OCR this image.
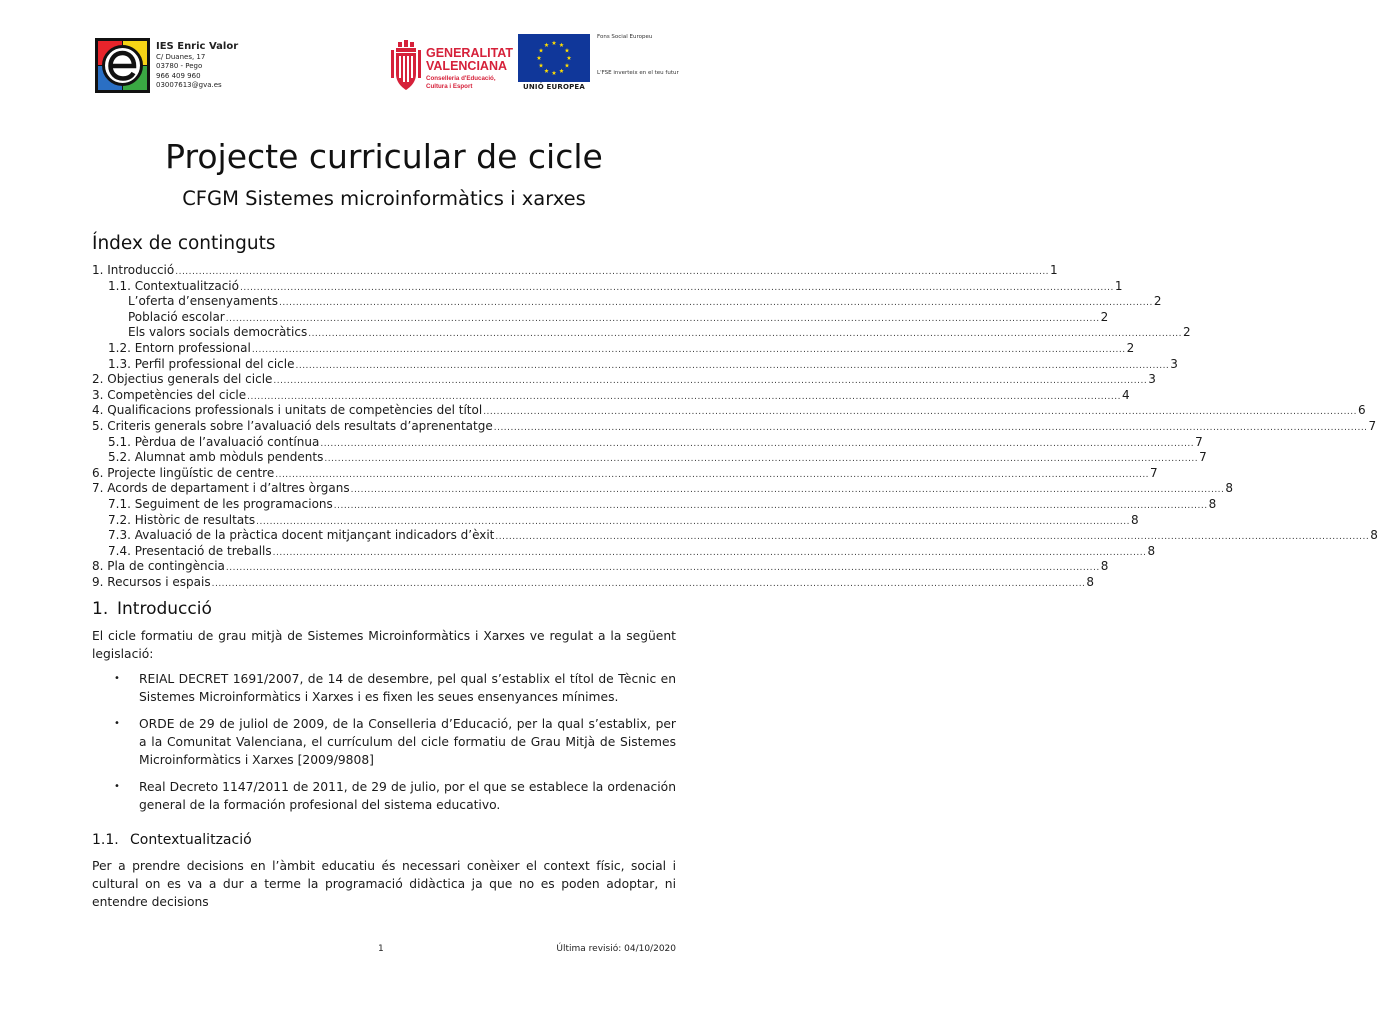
IES Enric Valor
C/ Duanes, 17
03780 - Pego
966 409 960
03007613@gva.es
GENERALITAT
VALENCIANA
Conselleria d'Educació,
Cultura i Esport	UNIÓ EUROPEA
Fons Social Europeu
L'FSE inverteix en el teu futur
Projecte curricular de cicle
CFGM Sistemes microinformàtics i xarxes
Índex de continguts
1. Introducció .................................................................................................................................................................................................................................................................... 1
1.1. Contextualització .................................................................................................................................................................................................................................................................... 1
L’oferta d’ensenyaments .................................................................................................................................................................................................................................................................... 2
Població escolar .................................................................................................................................................................................................................................................................... 2
Els valors socials democràtics .................................................................................................................................................................................................................................................................... 2
1.2. Entorn professional .................................................................................................................................................................................................................................................................... 2
1.3. Perfil professional del cicle .................................................................................................................................................................................................................................................................... 3
2. Objectius generals del cicle .................................................................................................................................................................................................................................................................... 3
3. Competències del cicle .................................................................................................................................................................................................................................................................... 4
4. Qualificacions professionals i unitats de competències del títol .................................................................................................................................................................................................................................................................... 6
5. Criteris generals sobre l’avaluació dels resultats d’aprenentatge .................................................................................................................................................................................................................................................................... 7
5.1. Pèrdua de l’avaluació contínua .................................................................................................................................................................................................................................................................... 7
5.2. Alumnat amb mòduls pendents .................................................................................................................................................................................................................................................................... 7
6. Projecte lingüístic de centre .................................................................................................................................................................................................................................................................... 7
7. Acords de departament i d’altres òrgans .................................................................................................................................................................................................................................................................... 8
7.1. Seguiment de les programacions .................................................................................................................................................................................................................................................................... 8
7.2. Històric de resultats .................................................................................................................................................................................................................................................................... 8
7.3. Avaluació de la pràctica docent mitjançant indicadors d’èxit .................................................................................................................................................................................................................................................................... 8
7.4. Presentació de treballs .................................................................................................................................................................................................................................................................... 8
8. Pla de contingència .................................................................................................................................................................................................................................................................... 8
9. Recursos i espais .................................................................................................................................................................................................................................................................... 8
1. Introducció
El cicle formatiu de grau mitjà de Sistemes Microinformàtics i Xarxes ve regulat a la següent legislació:
• REIAL DECRET 1691/2007, de 14 de desembre, pel qual s’establix el títol de Tècnic en Sistemes Microinformàtics i Xarxes i es fixen les seues ensenyances mínimes.
• ORDE de 29 de juliol de 2009, de la Conselleria d’Educació, per la qual s’establix, per a la Comunitat Valenciana, el currículum del cicle formatiu de Grau Mitjà de Sistemes Microinformàtics i Xarxes [2009/9808]
• Real Decreto 1147/2011 de 2011, de 29 de julio, por el que se establece la ordenación general de la formación profesional del sistema educativo.
1.1. Contextualització
Per a prendre decisions en l’àmbit educatiu és necessari conèixer el context físic, social i cultural on es va a dur a terme la programació didàctica ja que no es poden adoptar, ni entendre decisions
1	Última revisió: 04/10/2020
